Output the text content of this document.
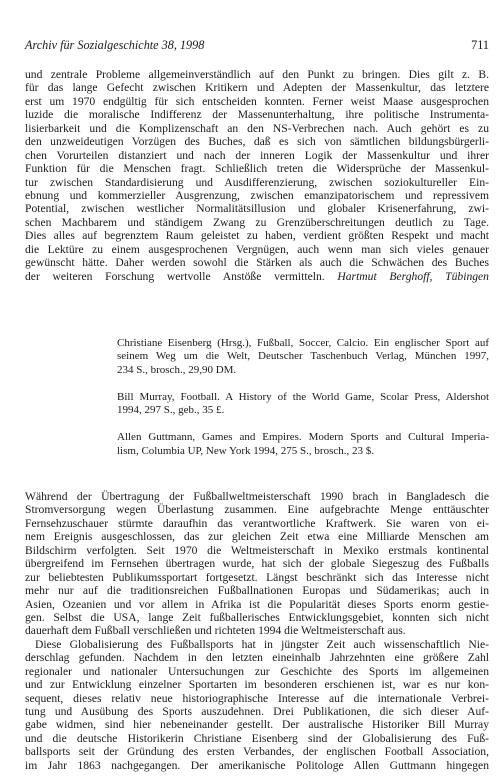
Archiv für Sozialgeschichte 38, 1998	711
und zentrale Probleme allgemeinverständlich auf den Punkt zu bringen. Dies gilt z. B.
für das lange Gefecht zwischen Kritikern und Adepten der Massenkultur, das letztere
erst um 1970 endgültig für sich entscheiden konnten. Ferner weist Maase ausgesprochen
luzide die moralische Indifferenz der Massenunterhaltung, ihre politische Instrumenta-
lisierbarkeit und die Komplizenschaft an den NS-Verbrechen nach. Auch gehört es zu
den unzweideutigen Vorzügen des Buches, daß es sich von sämtlichen bildungsbürgerli-
chen Vorurteilen distanziert und nach der inneren Logik der Massenkultur und ihrer
Funktion für die Menschen fragt. Schließlich treten die Widersprüche der Massenkul-
tur zwischen Standardisierung und Ausdifferenzierung, zwischen soziokultureller Ein-
ebnung und kommerzieller Ausgrenzung, zwischen emanzipatorischem und repressivem
Potential, zwischen westlicher Normalitätsillusion und globaler Krisenerfahrung, zwi-
schen Machbarem und ständigem Zwang zu Grenzüberschreitungen deutlich zu Tage.
Dies alles auf begrenztem Raum geleistet zu haben, verdient größten Respekt und macht
die Lektüre zu einem ausgesprochenen Vergnügen, auch wenn man sich vieles genauer
gewünscht hätte. Daher werden sowohl die Stärken als auch die Schwächen des Buches
der weiteren Forschung wertvolle Anstöße vermitteln. Hartmut Berghoff, Tübingen
Christiane Eisenberg (Hrsg.), Fußball, Soccer, Calcio. Ein englischer Sport auf
seinem Weg um die Welt, Deutscher Taschenbuch Verlag, München 1997,
234 S., brosch., 29,90 DM.
Bill Murray, Football. A History of the World Game, Scolar Press, Aldershot
1994, 297 S., geb., 35 £.
Allen Guttmann, Games and Empires. Modern Sports and Cultural Imperia-
lism, Columbia UP, New York 1994, 275 S., brosch., 23 $.
Während der Übertragung der Fußballweltmeisterschaft 1990 brach in Bangladesch die
Stromversorgung wegen Überlastung zusammen. Eine aufgebrachte Menge enttäuschter
Fernsehzuschauer stürmte daraufhin das verantwortliche Kraftwerk. Sie waren von ei-
nem Ereignis ausgeschlossen, das zur gleichen Zeit etwa eine Milliarde Menschen am
Bildschirm verfolgten. Seit 1970 die Weltmeisterschaft in Mexiko erstmals kontinental
übergreifend im Fernsehen übertragen wurde, hat sich der globale Siegeszug des Fußballs
zur beliebtesten Publikumssportart fortgesetzt. Längst beschränkt sich das Interesse nicht
mehr nur auf die traditionsreichen Fußballnationen Europas und Südamerikas; auch in
Asien, Ozeanien und vor allem in Afrika ist die Popularität dieses Sports enorm gestie-
gen. Selbst die USA, lange Zeit fußballerisches Entwicklungsgebiet, konnten sich nicht
dauerhaft dem Fußball verschließen und richteten 1994 die Weltmeisterschaft aus.
Diese Globalisierung des Fußballsports hat in jüngster Zeit auch wissenschaftlich Nie-
derschlag gefunden. Nachdem in den letzten eineinhalb Jahrzehnten eine größere Zahl
regionaler und nationaler Untersuchungen zur Geschichte des Sports im allgemeinen
und zur Entwicklung einzelner Sportarten im besonderen erschienen ist, war es nur kon-
sequent, dieses relativ neue historiographische Interesse auf die internationale Verbrei-
tung und Ausübung des Sports auszudehnen. Drei Publikationen, die sich dieser Auf-
gabe widmen, sind hier nebeneinander gestellt. Der australische Historiker Bill Murray
und die deutsche Historikerin Christiane Eisenberg sind der Globalisierung des Fuß-
ballsports seit der Gründung des ersten Verbandes, der englischen Football Association,
im Jahr 1863 nachgegangen. Der amerikanische Politologe Allen Guttmann hingegen
